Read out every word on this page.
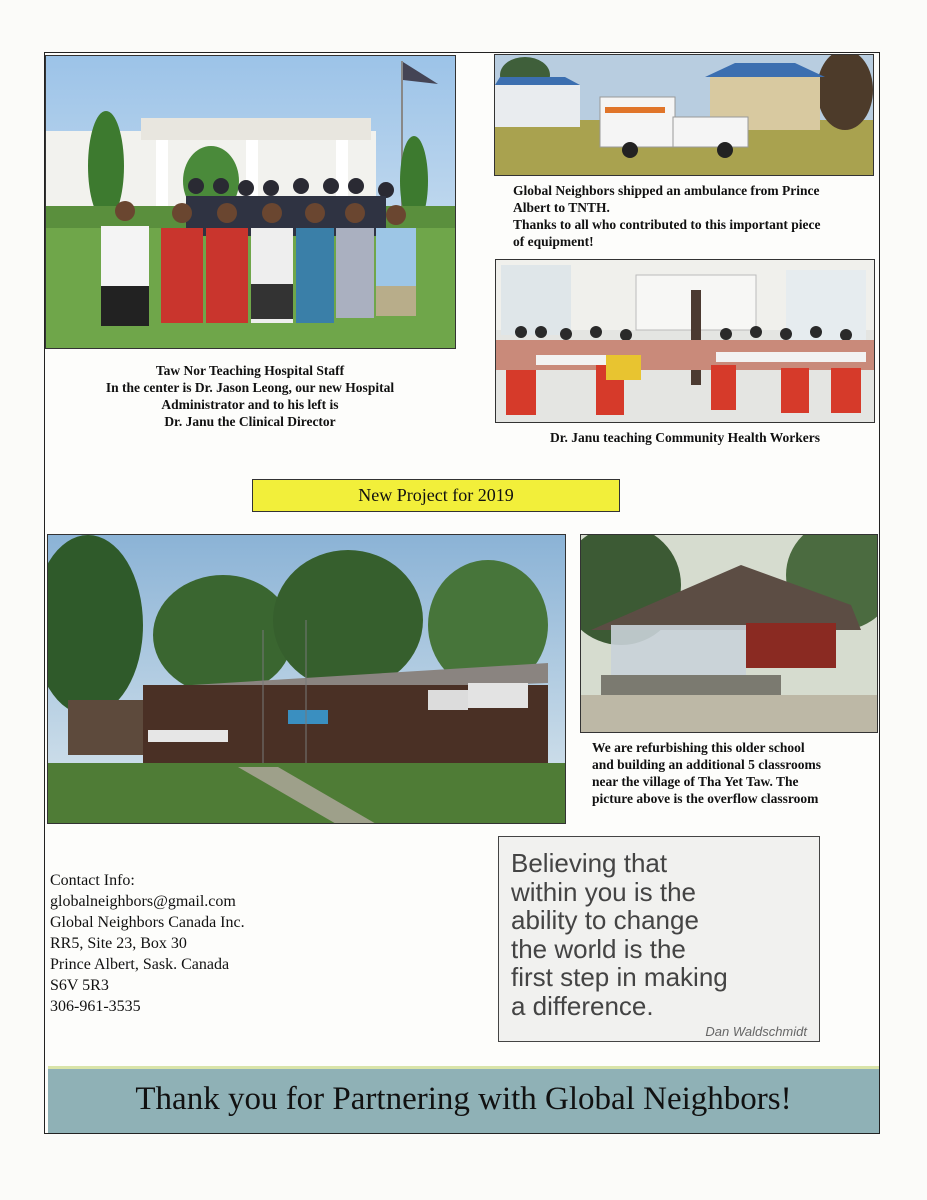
Taw Nor Teaching Hospital Staff
In the center is Dr. Jason Leong, our new Hospital
Administrator and to his left is
Dr. Janu the Clinical Director
Global Neighbors shipped an ambulance from Prince
Albert to TNTH.
Thanks to all who contributed to this important piece
of equipment!
Dr. Janu teaching Community Health Workers
New Project for 2019
We are refurbishing this older school
and building an additional 5 classrooms
near the village of Tha Yet Taw. The
picture above is the overflow classroom
Contact Info:
globalneighbors@gmail.com
Global Neighbors Canada Inc.
RR5, Site 23, Box 30
Prince Albert, Sask. Canada
S6V 5R3
306-961-3535
Believing that
within you is the
ability to change
the world is the
first step in making
a difference.
Dan Waldschmidt
Thank you for Partnering with Global Neighbors!
